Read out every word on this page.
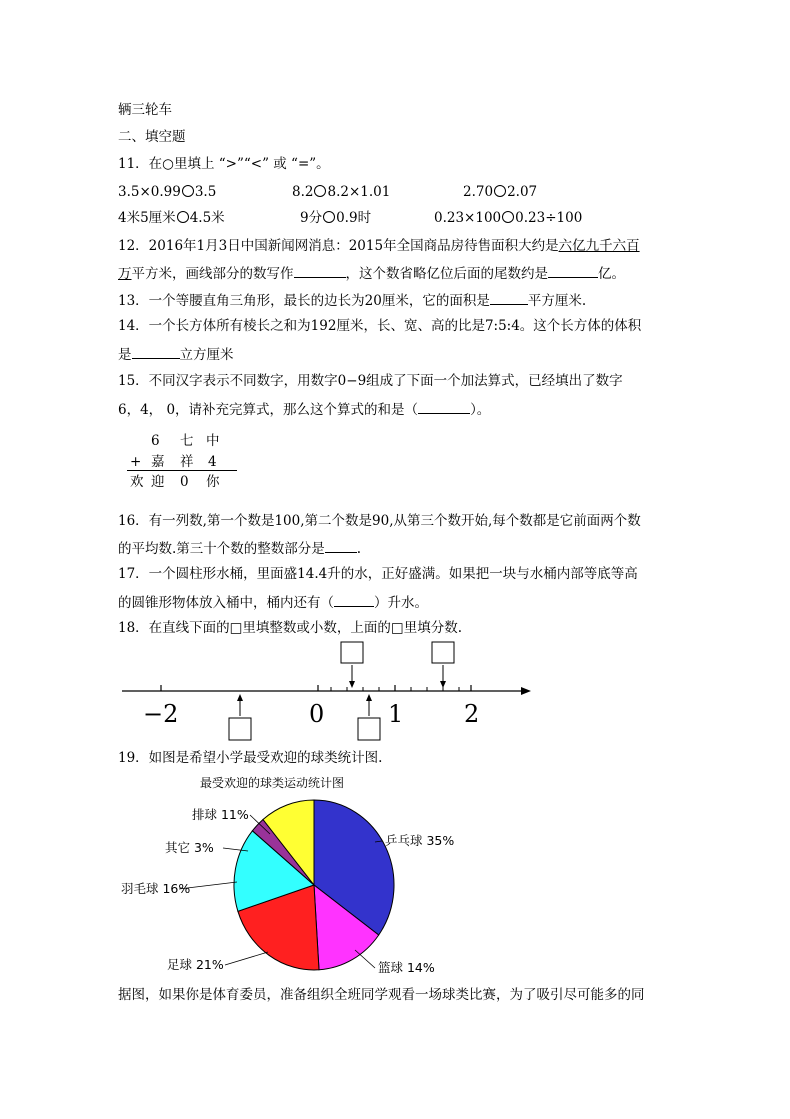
辆三轮车
二、填空题
11．在○里填上 “>”“<” 或 “=”。
3.5×0.99 3.5	8.2 8.2×1.01	2.70 2.07
4米5厘米 4.5米	9分 0.9时	0.23×100 0.23÷100
12．2016年1月3日中国新闻网消息：2015年全国商品房待售面积大约是六亿九千六百
万平方米，画线部分的数写作	，这个数省略亿位后面的尾数约是	亿。
13．一个等腰直角三角形，最长的边长为20厘米，它的面积是	平方厘米.
14．一个长方体所有棱长之和为192厘米，长、宽、高的比是7:5:4。这个长方体的体积
是	立方厘米
15．不同汉字表示不同数字，用数字0−9组成了下面一个加法算式，已经填出了数字
6，4， 0，请补充完算式，那么这个算式的和是（	）。
6 七 中
+ 嘉 祥 4
欢 迎 0 你
16．有一列数,第一个数是100,第二个数是90,从第三个数开始,每个数都是它前面两个数
的平均数.第三十个数的整数部分是 .
17．一个圆柱形水桶，里面盛14.4升的水，正好盛满。如果把一块与水桶内部等底等高
的圆锥形物体放入桶中，桶内还有（	）升水。
18．在直线下面的□里填整数或小数，上面的□里填分数.
−2	0	1	2
19．如图是希望小学最受欢迎的球类统计图.
最受欢迎的球类运动统计图
乒乓球 35%
篮球 14%
足球 21%
羽毛球 16%
其它 3%
排球 11%
据图，如果你是体育委员，准备组织全班同学观看一场球类比赛，为了吸引尽可能多的同
